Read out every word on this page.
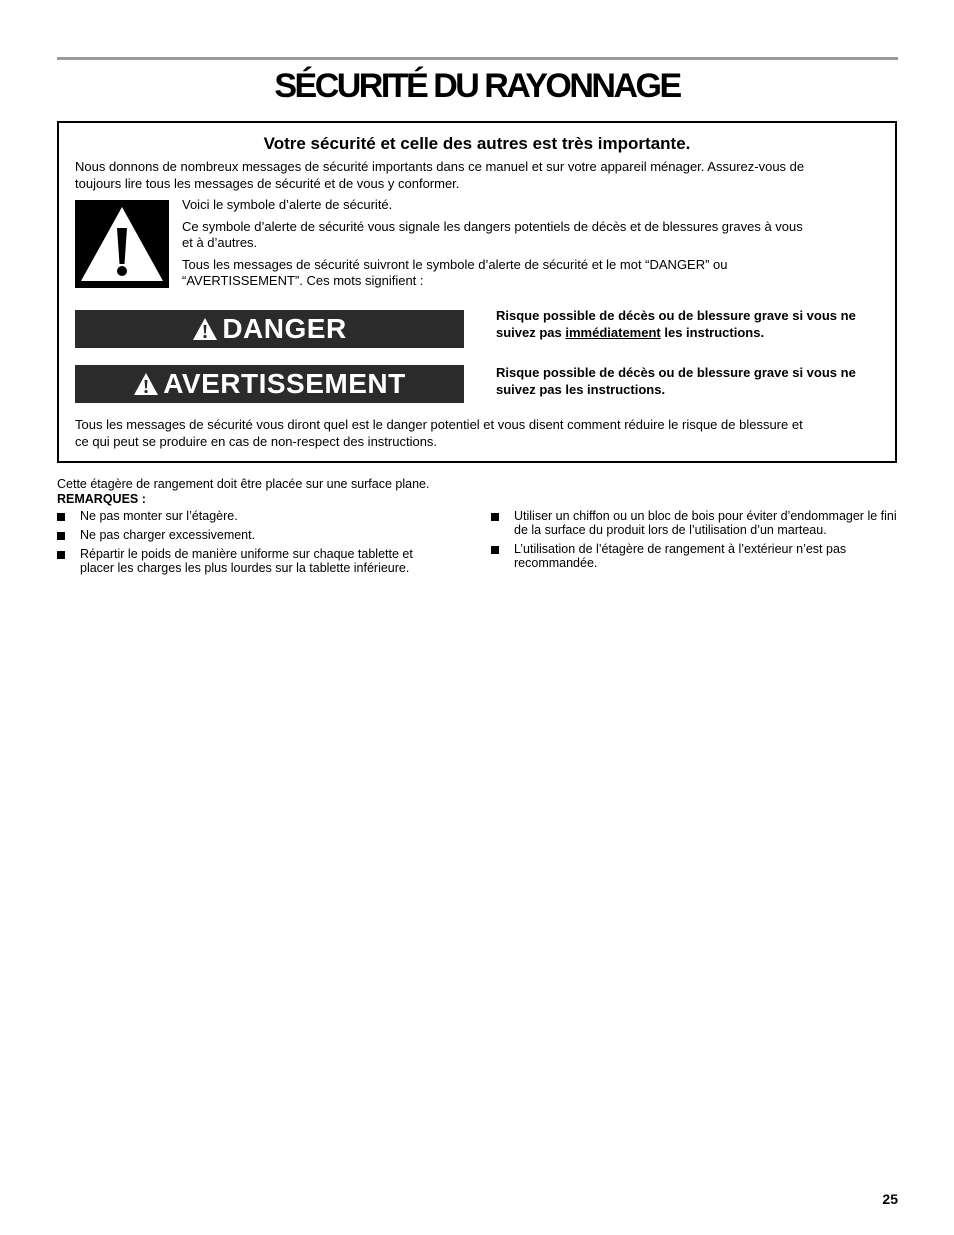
SÉCURITÉ DU RAYONNAGE
Votre sécurité et celle des autres est très importante.
Nous donnons de nombreux messages de sécurité importants dans ce manuel et sur votre appareil ménager. Assurez-vous de
toujours lire tous les messages de sécurité et de vous y conformer.
Voici le symbole d’alerte de sécurité.
Ce symbole d’alerte de sécurité vous signale les dangers potentiels de décès et de blessures graves à vous
et à d’autres.
Tous les messages de sécurité suivront le symbole d’alerte de sécurité et le mot “DANGER” ou
“AVERTISSEMENT”. Ces mots signifient :
DANGER	Risque possible de décès ou de blessure grave si vous ne suivez pas immédiatement les instructions.
AVERTISSEMENT	Risque possible de décès ou de blessure grave si vous ne suivez pas les instructions.
Tous les messages de sécurité vous diront quel est le danger potentiel et vous disent comment réduire le risque de blessure et
ce qui peut se produire en cas de non-respect des instructions.
Cette étagère de rangement doit être placée sur une surface plane.
REMARQUES :
Ne pas monter sur l’étagère.
Ne pas charger excessivement.
Répartir le poids de manière uniforme sur chaque tablette et placer les charges les plus lourdes sur la tablette inférieure.
Utiliser un chiffon ou un bloc de bois pour éviter d’endommager le fini de la surface du produit lors de l’utilisation d’un marteau.
L’utilisation de l’étagère de rangement à l’extérieur n’est pas recommandée.
25
